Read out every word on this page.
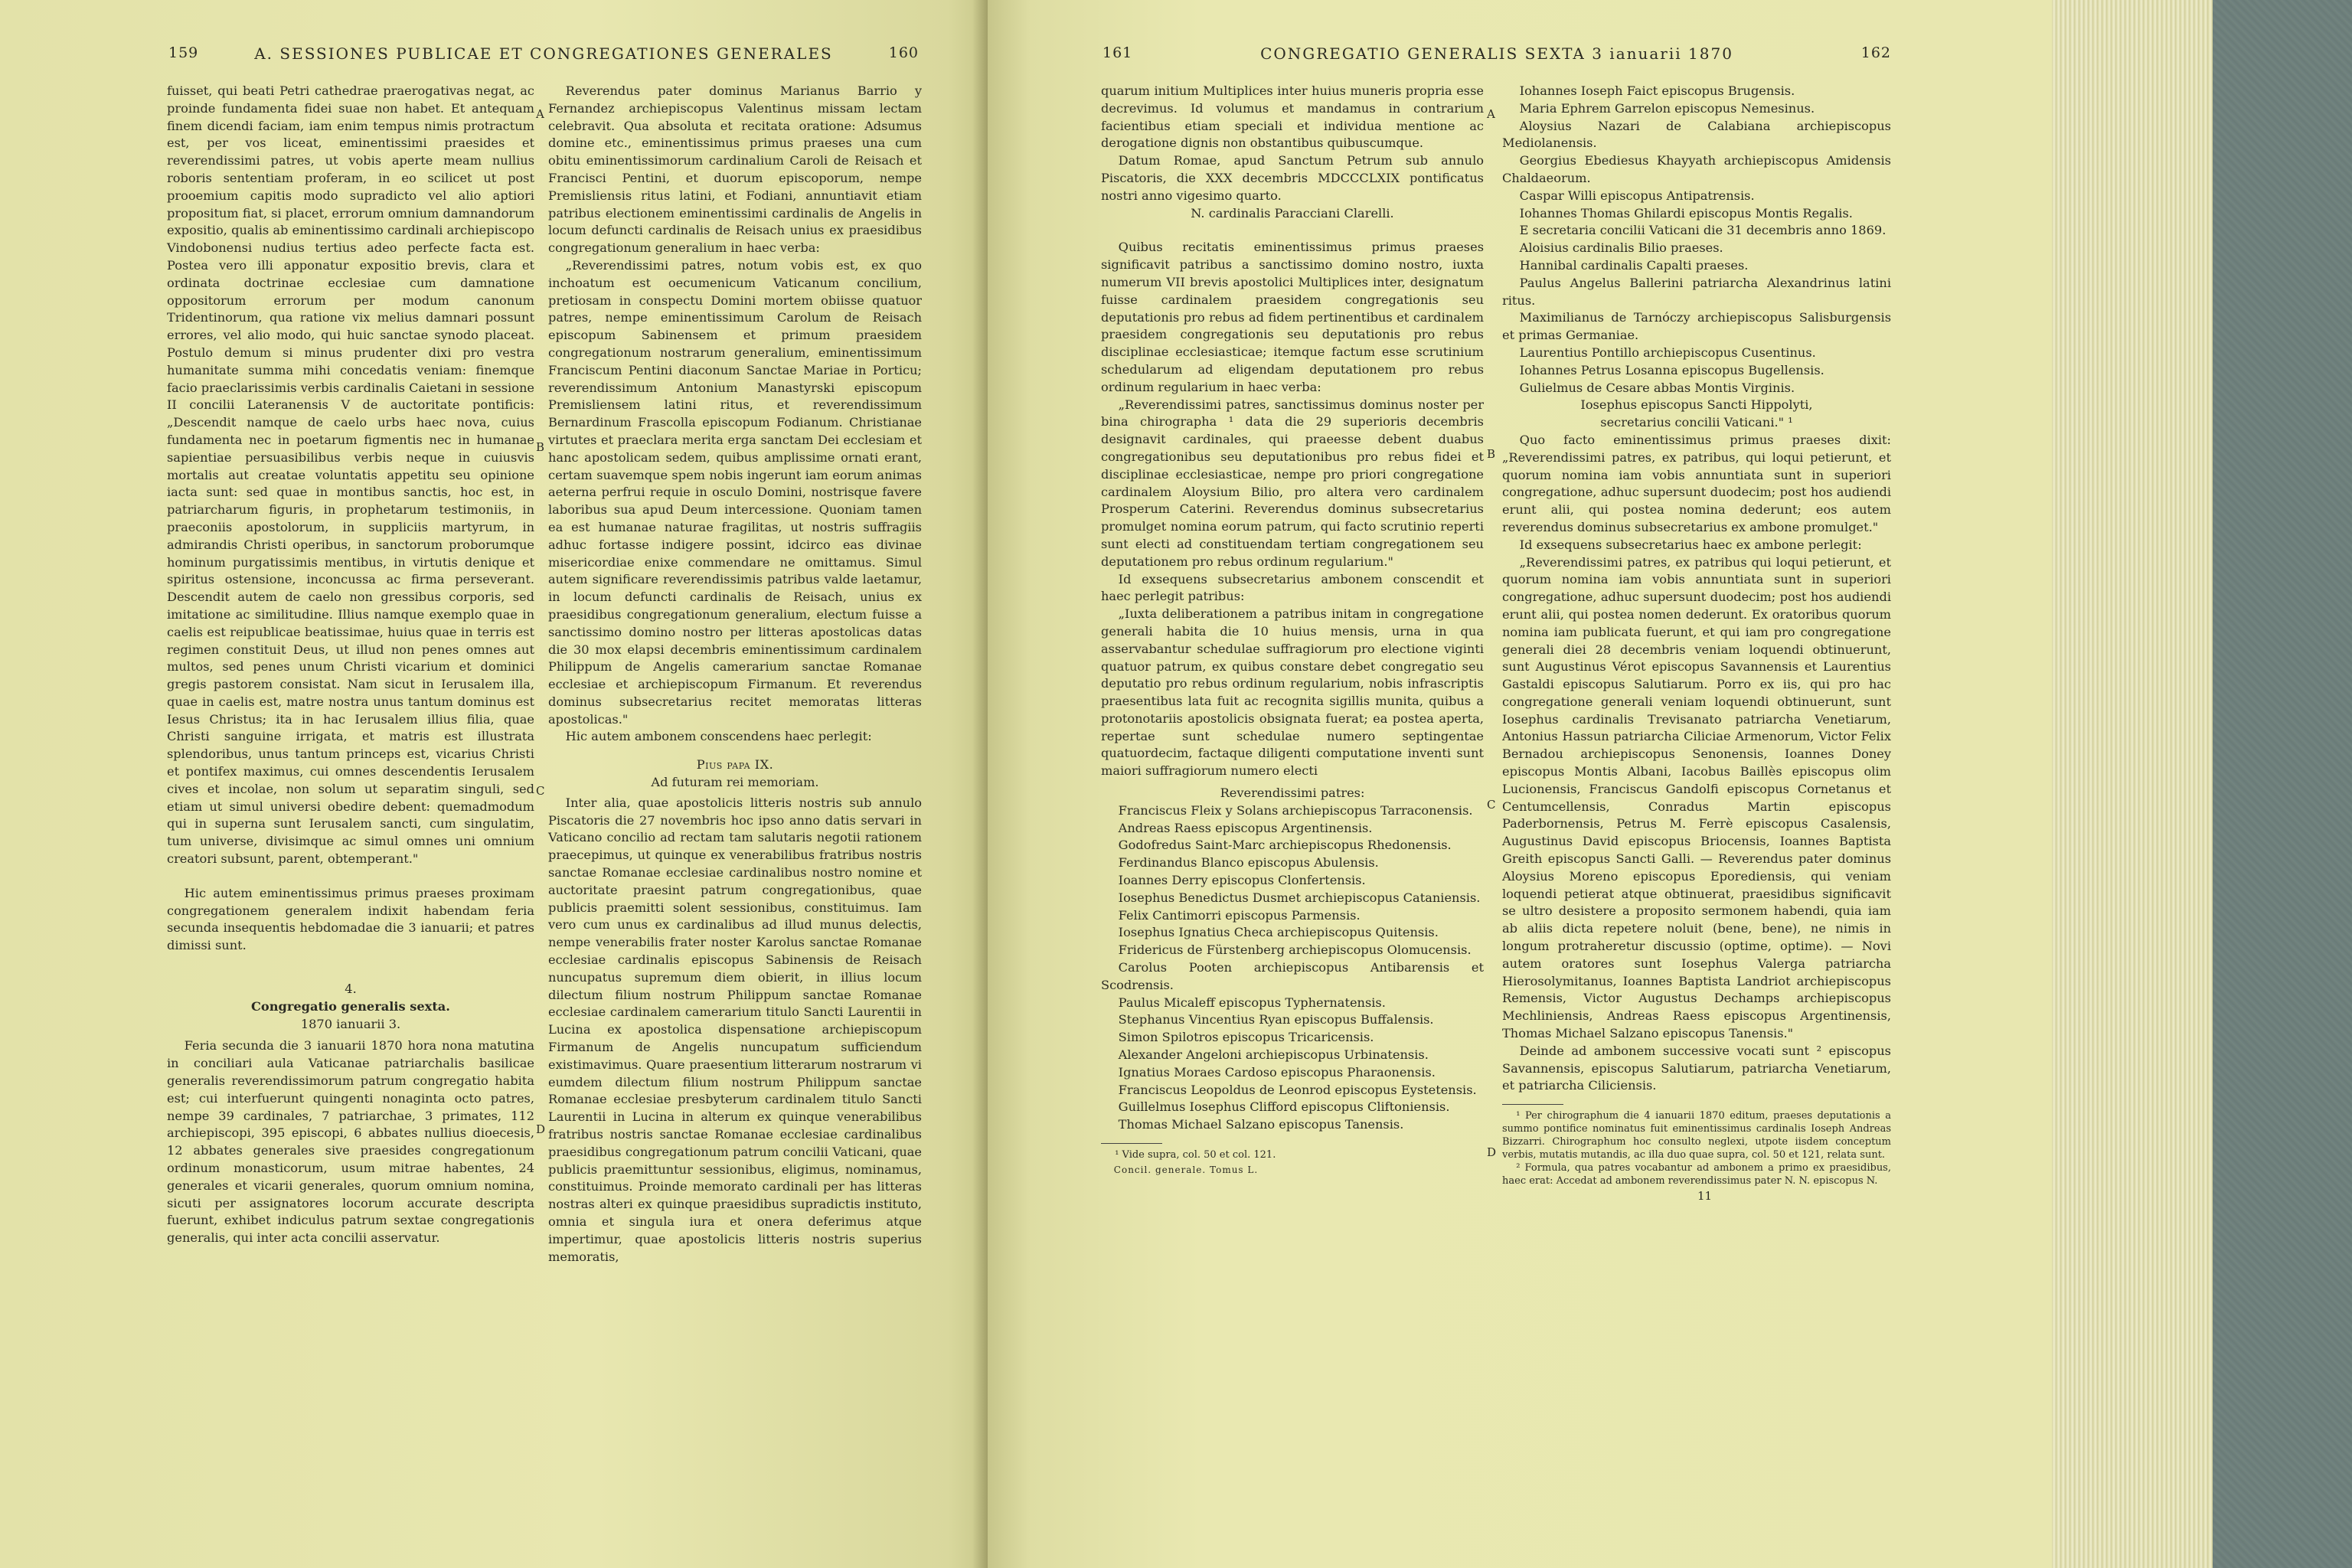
159	A. SESSIONES PUBLICAE ET CONGREGATIONES GENERALES	160

fuisset, qui beati Petri cathedrae praerogativas negat, ac proinde fundamenta fidei suae non habet. Et antequam finem dicendi faciam, iam enim tempus nimis protractum est, per vos liceat, eminentissimi praesides et reverendissimi patres, ut vobis aperte meam nullius roboris sententiam proferam, in eo scilicet ut post prooemium capitis modo supradicto vel alio aptiori propositum fiat, si placet, errorum omnium damnandorum expositio, qualis ab eminentissimo cardinali archiepiscopo Vindobonensi nudius tertius adeo perfecte facta est. Postea vero illi apponatur expositio brevis, clara et ordinata doctrinae ecclesiae cum damnatione oppositorum errorum per modum canonum Tridentinorum, qua ratione vix melius damnari possunt errores, vel alio modo, qui huic sanctae synodo placeat. Postulo demum si minus prudenter dixi pro vestra humanitate summa mihi concedatis veniam: finemque facio praeclarissimis verbis cardinalis Caietani in sessione II concilii Lateranensis V de auctoritate pontificis: „Descendit namque de caelo urbs haec nova, cuius fundamenta nec in poetarum figmentis nec in humanae sapientiae persuasibilibus verbis neque in cuiusvis mortalis aut creatae voluntatis appetitu seu opinione iacta sunt: sed quae in montibus sanctis, hoc est, in patriarcharum figuris, in prophetarum testimoniis, in praeconiis apostolorum, in suppliciis martyrum, in admirandis Christi operibus, in sanctorum proborumque hominum purgatissimis mentibus, in virtutis denique et spiritus ostensione, inconcussa ac firma perseverant. Descendit autem de caelo non gressibus corporis, sed imitatione ac similitudine. Illius namque exemplo quae in caelis est reipublicae beatissimae, huius quae in terris est regimen constituit Deus, ut illud non penes omnes aut multos, sed penes unum Christi vicarium et dominici gregis pastorem consistat. Nam sicut in Ierusalem illa, quae in caelis est, matre nostra unus tantum dominus est Iesus Christus; ita in hac Ierusalem illius filia, quae Christi sanguine irrigata, et matris est illustrata splendoribus, unus tantum princeps est, vicarius Christi et pontifex maximus, cui omnes descendentis Ierusalem cives et incolae, non solum ut separatim singuli, sed etiam ut simul universi obedire debent: quemadmodum qui in superna sunt Ierusalem sancti, cum singulatim, tum universe, divisimque ac simul omnes uni omnium creatori subsunt, parent, obtemperant."

Hic autem eminentissimus primus praeses proximam congregationem generalem indixit habendam feria secunda insequentis hebdomadae die 3 ianuarii; et patres dimissi sunt.

4.

Congregatio generalis sexta.

1870 ianuarii 3.

Feria secunda die 3 ianuarii 1870 hora nona matutina in conciliari aula Vaticanae patriarchalis basilicae generalis reverendissimorum patrum congregatio habita est; cui interfuerunt quingenti nonaginta octo patres, nempe 39 cardinales, 7 patriarchae, 3 primates, 112 archiepiscopi, 395 episcopi, 6 abbates nullius dioecesis, 12 abbates generales sive praesides congregationum ordinum monasticorum, usum mitrae habentes, 24 generales et vicarii generales, quorum omnium nomina, sicuti per assignatores locorum accurate descripta fuerunt, exhibet indiculus patrum sextae congregationis generalis, qui inter acta concilii asservatur.

A
B
C
D

Reverendus pater dominus Marianus Barrio y Fernandez archiepiscopus Valentinus missam lectam celebravit. Qua absoluta et recitata oratione: Adsumus domine etc., eminentissimus primus praeses una cum obitu eminentissimorum cardinalium Caroli de Reisach et Francisci Pentini, et duorum episcoporum, nempe Premisliensis ritus latini, et Fodiani, annuntiavit etiam patribus electionem eminentissimi cardinalis de Angelis in locum defuncti cardinalis de Reisach unius ex praesidibus congregationum generalium in haec verba:

„Reverendissimi patres, notum vobis est, ex quo inchoatum est oecumenicum Vaticanum concilium, pretiosam in conspectu Domini mortem obiisse quatuor patres, nempe eminentissimum Carolum de Reisach episcopum Sabinensem et primum praesidem congregationum nostrarum generalium, eminentissimum Franciscum Pentini diaconum Sanctae Mariae in Porticu; reverendissimum Antonium Manastyrski episcopum Premisliensem latini ritus, et reverendissimum Bernardinum Frascolla episcopum Fodianum. Christianae virtutes et praeclara merita erga sanctam Dei ecclesiam et hanc apostolicam sedem, quibus amplissime ornati erant, certam suavemque spem nobis ingerunt iam eorum animas aeterna perfrui requie in osculo Domini, nostrisque favere laboribus sua apud Deum intercessione. Quoniam tamen ea est humanae naturae fragilitas, ut nostris suffragiis adhuc fortasse indigere possint, idcirco eas divinae misericordiae enixe commendare ne omittamus. Simul autem significare reverendissimis patribus valde laetamur, in locum defuncti cardinalis de Reisach, unius ex praesidibus congregationum generalium, electum fuisse a sanctissimo domino nostro per litteras apostolicas datas die 30 mox elapsi decembris eminentissimum cardinalem Philippum de Angelis camerarium sanctae Romanae ecclesiae et archiepiscopum Firmanum. Et reverendus dominus subsecretarius recitet memoratas litteras apostolicas."

Hic autem ambonem conscendens haec perlegit:

Pius papa IX.

Ad futuram rei memoriam.

Inter alia, quae apostolicis litteris nostris sub annulo Piscatoris die 27 novembris hoc ipso anno datis servari in Vaticano concilio ad rectam tam salutaris negotii rationem praecepimus, ut quinque ex venerabilibus fratribus nostris sanctae Romanae ecclesiae cardinalibus nostro nomine et auctoritate praesint patrum congregationibus, quae publicis praemitti solent sessionibus, constituimus. Iam vero cum unus ex cardinalibus ad illud munus delectis, nempe venerabilis frater noster Karolus sanctae Romanae ecclesiae cardinalis episcopus Sabinensis de Reisach nuncupatus supremum diem obierit, in illius locum dilectum filium nostrum Philippum sanctae Romanae ecclesiae cardinalem camerarium titulo Sancti Laurentii in Lucina ex apostolica dispensatione archiepiscopum Firmanum de Angelis nuncupatum sufficiendum existimavimus. Quare praesentium litterarum nostrarum vi eumdem dilectum filium nostrum Philippum sanctae Romanae ecclesiae presbyterum cardinalem titulo Sancti Laurentii in Lucina in alterum ex quinque venerabilibus fratribus nostris sanctae Romanae ecclesiae cardinalibus praesidibus congregationum patrum concilii Vaticani, quae publicis praemittuntur sessionibus, eligimus, nominamus, constituimus. Proinde memorato cardinali per has litteras nostras alteri ex quinque praesidibus supradictis instituto, omnia et singula iura et onera deferimus atque impertimur, quae apostolicis litteris nostris superius memoratis,

161	CONGREGATIO GENERALIS SEXTA 3 ianuarii 1870	162

quarum initium Multiplices inter huius muneris propria esse decrevimus. Id volumus et mandamus in contrarium facientibus etiam speciali et individua mentione ac derogatione dignis non obstantibus quibuscumque.

Datum Romae, apud Sanctum Petrum sub annulo Piscatoris, die XXX decembris MDCCCLXIX pontificatus nostri anno vigesimo quarto.

N. cardinalis Paracciani Clarelli.

Quibus recitatis eminentissimus primus praeses significavit patribus a sanctissimo domino nostro, iuxta numerum VII brevis apostolici Multiplices inter, designatum fuisse cardinalem praesidem congregationis seu deputationis pro rebus ad fidem pertinentibus et cardinalem praesidem congregationis seu deputationis pro rebus disciplinae ecclesiasticae; itemque factum esse scrutinium schedularum ad eligendam deputationem pro rebus ordinum regularium in haec verba:

„Reverendissimi patres, sanctissimus dominus noster per bina chirographa ¹ data die 29 superioris decembris designavit cardinales, qui praeesse debent duabus congregationibus seu deputationibus pro rebus fidei et disciplinae ecclesiasticae, nempe pro priori congregatione cardinalem Aloysium Bilio, pro altera vero cardinalem Prosperum Caterini. Reverendus dominus subsecretarius promulget nomina eorum patrum, qui facto scrutinio reperti sunt electi ad constituendam tertiam congregationem seu deputationem pro rebus ordinum regularium."

Id exsequens subsecretarius ambonem conscendit et haec perlegit patribus:

„Iuxta deliberationem a patribus initam in congregatione generali habita die 10 huius mensis, urna in qua asservabantur schedulae suffragiorum pro electione viginti quatuor patrum, ex quibus constare debet congregatio seu deputatio pro rebus ordinum regularium, nobis infrascriptis praesentibus lata fuit ac recognita sigillis munita, quibus a protonotariis apostolicis obsignata fuerat; ea postea aperta, repertae sunt schedulae numero septingentae quatuordecim, factaque diligenti computatione inventi sunt maiori suffragiorum numero electi

Reverendissimi patres:

Franciscus Fleix y Solans archiepiscopus Tarraconensis.

Andreas Raess episcopus Argentinensis.

Godofredus Saint-Marc archiepiscopus Rhedonensis.

Ferdinandus Blanco episcopus Abulensis.

Ioannes Derry episcopus Clonfertensis.

Iosephus Benedictus Dusmet archiepiscopus Cataniensis.

Felix Cantimorri episcopus Parmensis.

Iosephus Ignatius Checa archiepiscopus Quitensis.

Fridericus de Fürstenberg archiepiscopus Olomucensis.

Carolus Pooten archiepiscopus Antibarensis et Scodrensis.

Paulus Micaleff episcopus Typhernatensis.

Stephanus Vincentius Ryan episcopus Buffalensis.

Simon Spilotros episcopus Tricaricensis.

Alexander Angeloni archiepiscopus Urbinatensis.

Ignatius Moraes Cardoso episcopus Pharaonensis.

Franciscus Leopoldus de Leonrod episcopus Eystetensis.

Guillelmus Iosephus Clifford episcopus Cliftoniensis.

Thomas Michael Salzano episcopus Tanensis.

¹ Vide supra, col. 50 et col. 121.

Concil. generale. Tomus L.

A
B
C
D

Iohannes Ioseph Faict episcopus Brugensis.

Maria Ephrem Garrelon episcopus Nemesinus.

Aloysius Nazari de Calabiana archiepiscopus Mediolanensis.

Georgius Ebediesus Khayyath archiepiscopus Amidensis Chaldaeorum.

Caspar Willi episcopus Antipatrensis.

Iohannes Thomas Ghilardi episcopus Montis Regalis.

E secretaria concilii Vaticani die 31 decembris anno 1869.

Aloisius cardinalis Bilio praeses.

Hannibal cardinalis Capalti praeses.

Paulus Angelus Ballerini patriarcha Alexandrinus latini ritus.

Maximilianus de Tarnóczy archiepiscopus Salisburgensis et primas Germaniae.

Laurentius Pontillo archiepiscopus Cusentinus.

Iohannes Petrus Losanna episcopus Bugellensis.

Gulielmus de Cesare abbas Montis Virginis.

Iosephus episcopus Sancti Hippolyti,

secretarius concilii Vaticani." ¹

Quo facto eminentissimus primus praeses dixit: „Reverendissimi patres, ex patribus, qui loqui petierunt, et quorum nomina iam vobis annuntiata sunt in superiori congregatione, adhuc supersunt duodecim; post hos audiendi erunt alii, qui postea nomina dederunt; eos autem reverendus dominus subsecretarius ex ambone promulget."

Id exsequens subsecretarius haec ex ambone perlegit:

„Reverendissimi patres, ex patribus qui loqui petierunt, et quorum nomina iam vobis annuntiata sunt in superiori congregatione, adhuc supersunt duodecim; post hos audiendi erunt alii, qui postea nomen dederunt. Ex oratoribus quorum nomina iam publicata fuerunt, et qui iam pro congregatione generali diei 28 decembris veniam loquendi obtinuerunt, sunt Augustinus Vérot episcopus Savannensis et Laurentius Gastaldi episcopus Salutiarum. Porro ex iis, qui pro hac congregatione generali veniam loquendi obtinuerunt, sunt Iosephus cardinalis Trevisanato patriarcha Venetiarum, Antonius Hassun patriarcha Ciliciae Armenorum, Victor Felix Bernadou archiepiscopus Senonensis, Ioannes Doney episcopus Montis Albani, Iacobus Baillès episcopus olim Lucionensis, Franciscus Gandolfi episcopus Cornetanus et Centumcellensis, Conradus Martin episcopus Paderbornensis, Petrus M. Ferrè episcopus Casalensis, Augustinus David episcopus Briocensis, Ioannes Baptista Greith episcopus Sancti Galli. — Reverendus pater dominus Aloysius Moreno episcopus Eporediensis, qui veniam loquendi petierat atque obtinuerat, praesidibus significavit se ultro desistere a proposito sermonem habendi, quia iam ab aliis dicta repetere noluit (bene, bene), ne nimis in longum protraheretur discussio (optime, optime). — Novi autem oratores sunt Iosephus Valerga patriarcha Hierosolymitanus, Ioannes Baptista Landriot archiepiscopus Remensis, Victor Augustus Dechamps archiepiscopus Mechliniensis, Andreas Raess episcopus Argentinensis, Thomas Michael Salzano episcopus Tanensis."

Deinde ad ambonem successive vocati sunt ² episcopus Savannensis, episcopus Salutiarum, patriarcha Venetiarum, et patriarcha Ciliciensis.

¹ Per chirographum die 4 ianuarii 1870 editum, praeses deputationis a summo pontifice nominatus fuit eminentissimus cardinalis Ioseph Andreas Bizzarri. Chirographum hoc consulto neglexi, utpote iisdem conceptum verbis, mutatis mutandis, ac illa duo quae supra, col. 50 et 121, relata sunt.

² Formula, qua patres vocabantur ad ambonem a primo ex praesidibus, haec erat: Accedat ad ambonem reverendissimus pater N. N. episcopus N.

11
